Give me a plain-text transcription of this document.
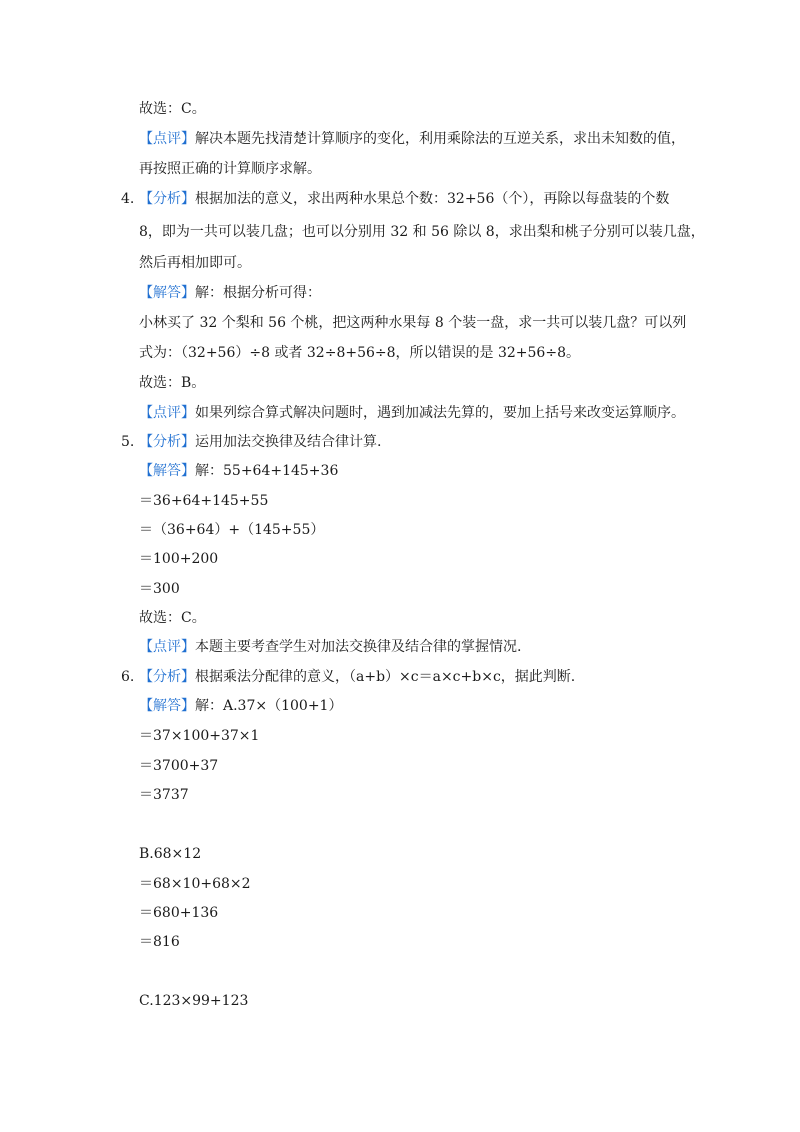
故选：C。
【点评】解决本题先找清楚计算顺序的变化，利用乘除法的互逆关系，求出未知数的值，
再按照正确的计算顺序求解。
4. 【分析】根据加法的意义，求出两种水果总个数：32+56（个），再除以每盘装的个数
8，即为一共可以装几盘；也可以分别用 32 和 56 除以 8，求出梨和桃子分别可以装几盘，
然后再相加即可。
【解答】解：根据分析可得：
小林买了 32 个梨和 56 个桃，把这两种水果每 8 个装一盘，求一共可以装几盘？可以列
式为：（32+56）÷8 或者 32÷8+56÷8，所以错误的是 32+56÷8。
故选：B。
【点评】如果列综合算式解决问题时，遇到加减法先算的，要加上括号来改变运算顺序。
5. 【分析】运用加法交换律及结合律计算.
【解答】解：55+64+145+36
＝36+64+145+55
＝（36+64）+（145+55）
＝100+200
＝300
故选：C。
【点评】本题主要考查学生对加法交换律及结合律的掌握情况.
6. 【分析】根据乘法分配律的意义，（a+b）×c＝a×c+b×c，据此判断.
【解答】解：A.37×（100+1）
＝37×100+37×1
＝3700+37
＝3737
B.68×12
＝68×10+68×2
＝680+136
＝816
C.123×99+123
